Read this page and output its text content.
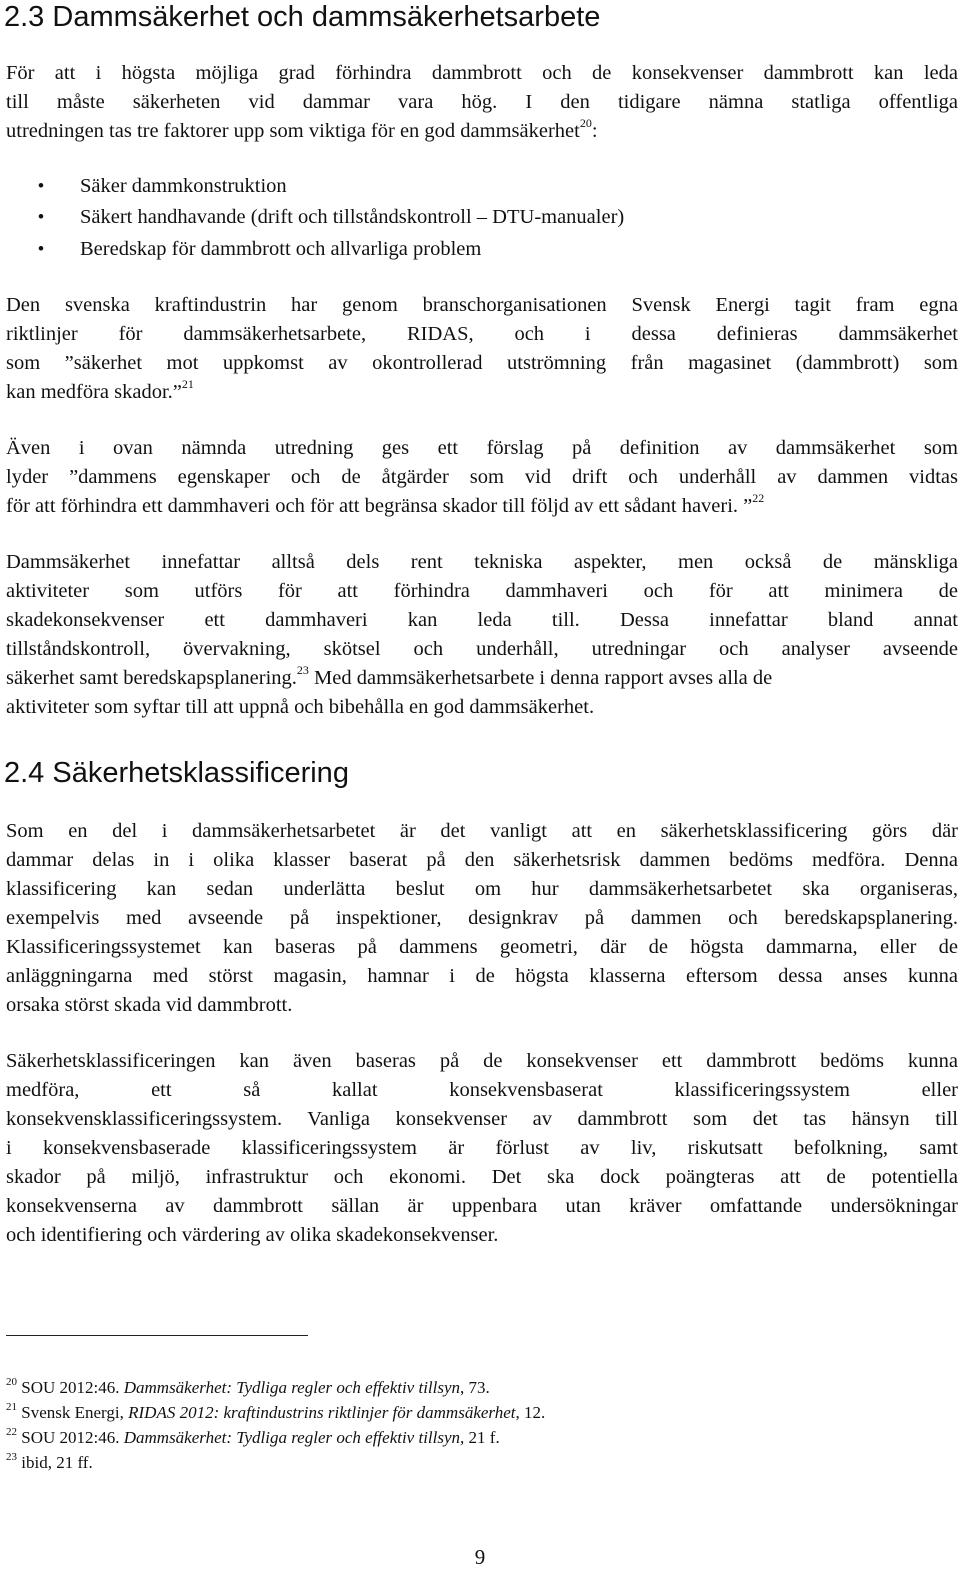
2.3 Dammsäkerhet och dammsäkerhetsarbete
För att i högsta möjliga grad förhindra dammbrott och de konsekvenser dammbrott kan leda
till måste säkerheten vid dammar vara hög. I den tidigare nämna statliga offentliga
utredningen tas tre faktorer upp som viktiga för en god dammsäkerhet$^{20}$:
• Säker dammkonstruktion
• Säkert handhavande (drift och tillståndskontroll – DTU-manualer)
• Beredskap för dammbrott och allvarliga problem
Den svenska kraftindustrin har genom branschorganisationen Svensk Energi tagit fram egna
riktlinjer för dammsäkerhetsarbete, RIDAS, och i dessa definieras dammsäkerhet
som ”säkerhet mot uppkomst av okontrollerad utströmning från magasinet (dammbrott) som
kan medföra skador.”$^{21}$
Även i ovan nämnda utredning ges ett förslag på definition av dammsäkerhet som
lyder ”dammens egenskaper och de åtgärder som vid drift och underhåll av dammen vidtas
för att förhindra ett dammhaveri och för att begränsa skador till följd av ett sådant haveri. ”$^{22}$
Dammsäkerhet innefattar alltså dels rent tekniska aspekter, men också de mänskliga
aktiviteter som utförs för att förhindra dammhaveri och för att minimera de
skadekonsekvenser ett dammhaveri kan leda till. Dessa innefattar bland annat
tillståndskontroll, övervakning, skötsel och underhåll, utredningar och analyser avseende
säkerhet samt beredskapsplanering.$^{23}$ Med dammsäkerhetsarbete i denna rapport avses alla de
aktiviteter som syftar till att uppnå och bibehålla en god dammsäkerhet.
2.4 Säkerhetsklassificering
Som en del i dammsäkerhetsarbetet är det vanligt att en säkerhetsklassificering görs där
dammar delas in i olika klasser baserat på den säkerhetsrisk dammen bedöms medföra. Denna
klassificering kan sedan underlätta beslut om hur dammsäkerhetsarbetet ska organiseras,
exempelvis med avseende på inspektioner, designkrav på dammen och beredskapsplanering.
Klassificeringssystemet kan baseras på dammens geometri, där de högsta dammarna, eller de
anläggningarna med störst magasin, hamnar i de högsta klasserna eftersom dessa anses kunna
orsaka störst skada vid dammbrott.
Säkerhetsklassificeringen kan även baseras på de konsekvenser ett dammbrott bedöms kunna
medföra, ett så kallat konsekvensbaserat klassificeringssystem eller
konsekvensklassificeringssystem. Vanliga konsekvenser av dammbrott som det tas hänsyn till
i konsekvensbaserade klassificeringssystem är förlust av liv, riskutsatt befolkning, samt
skador på miljö, infrastruktur och ekonomi. Det ska dock poängteras att de potentiella
konsekvenserna av dammbrott sällan är uppenbara utan kräver omfattande undersökningar
och identifiering och värdering av olika skadekonsekvenser.
$^{20}$ SOU 2012:46. Dammsäkerhet: Tydliga regler och effektiv tillsyn, 73.
$^{21}$ Svensk Energi, RIDAS 2012: kraftindustrins riktlinjer för dammsäkerhet, 12.
$^{22}$ SOU 2012:46. Dammsäkerhet: Tydliga regler och effektiv tillsyn, 21 f.
$^{23}$ ibid, 21 ff.
9
